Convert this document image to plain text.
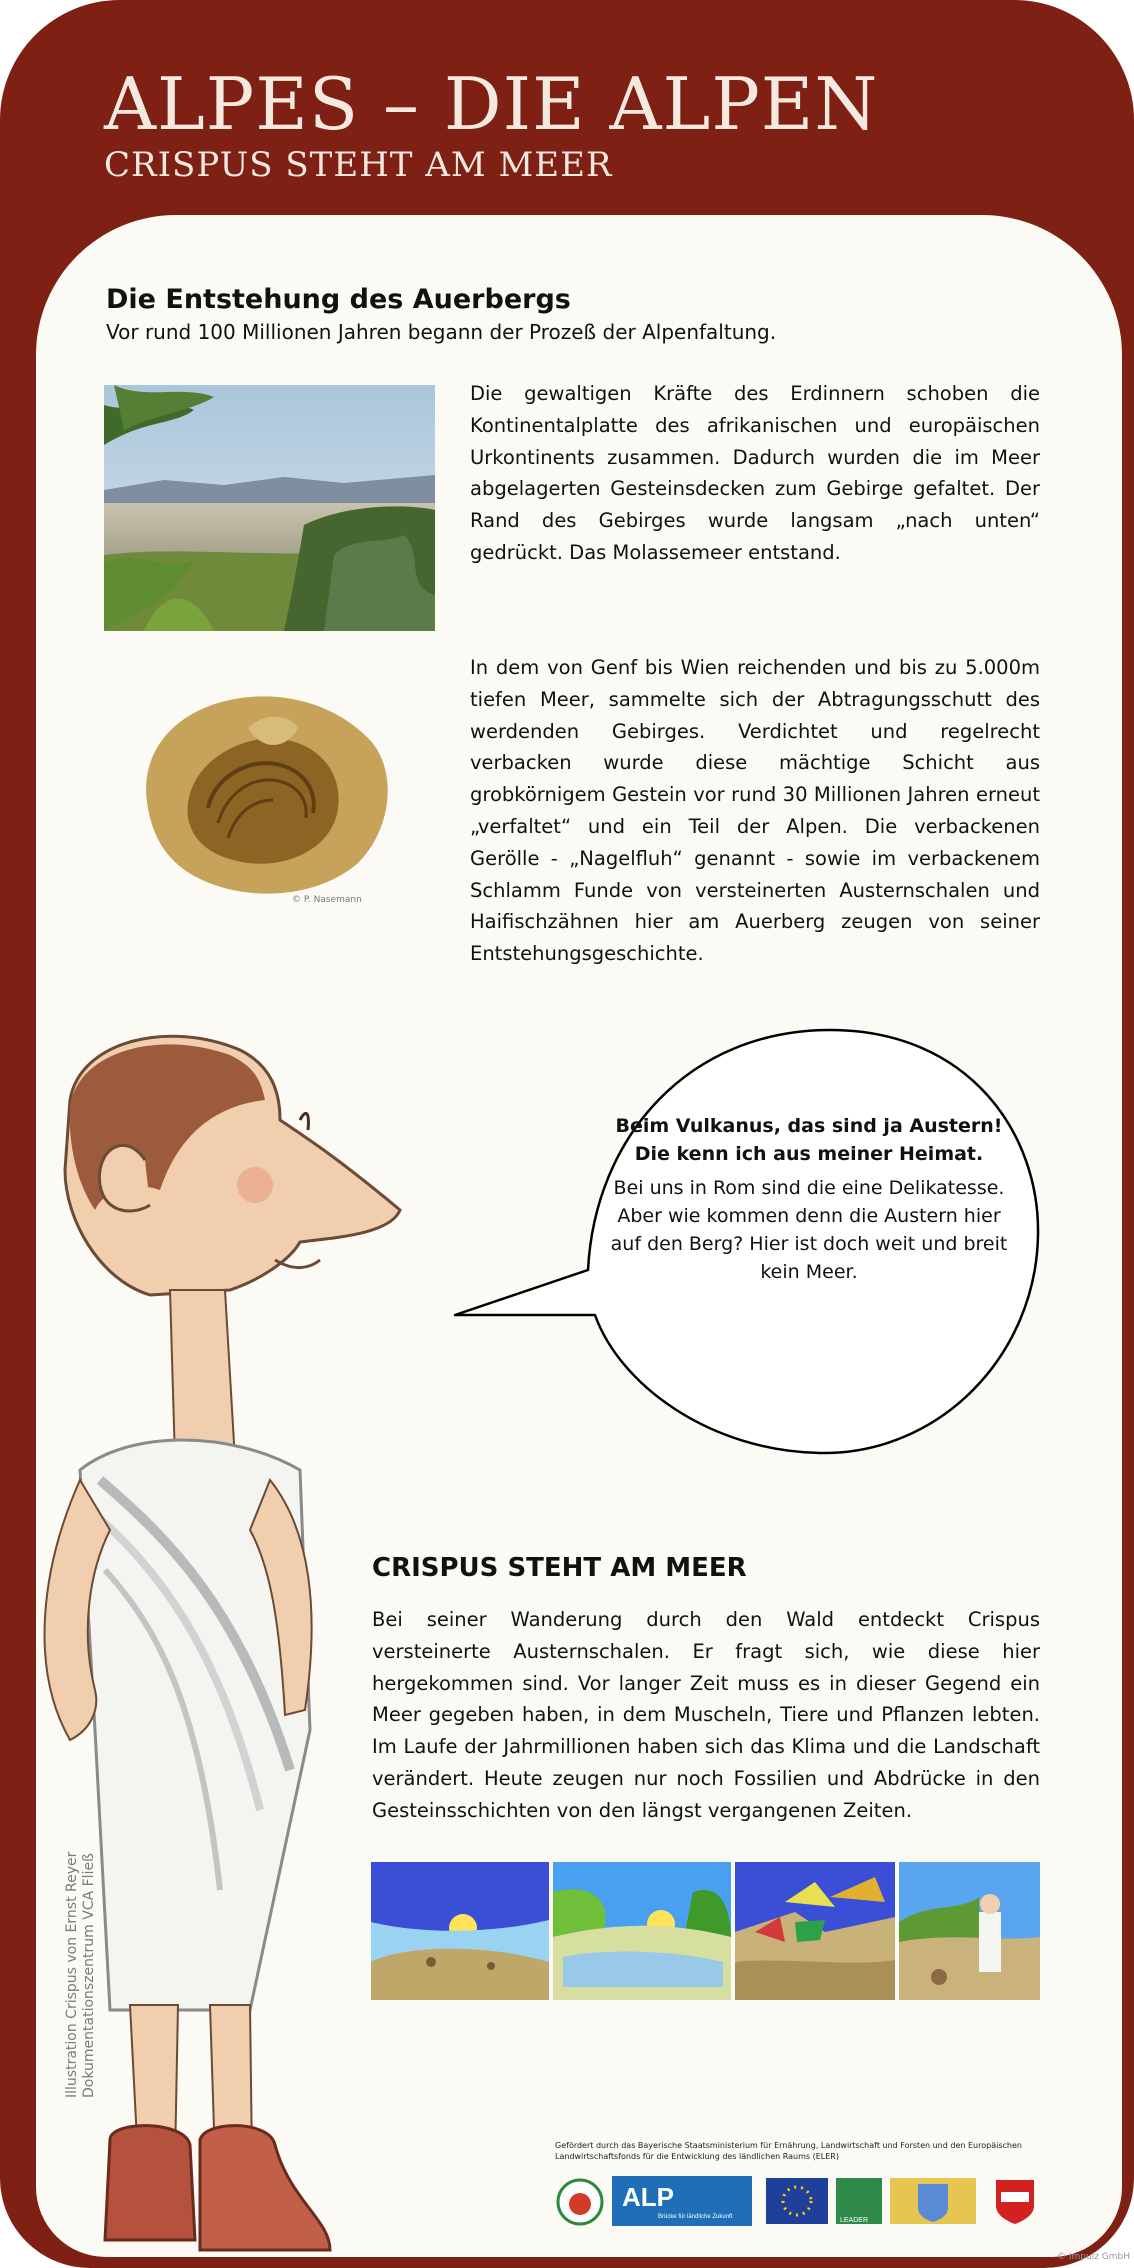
ALPES – DIE ALPEN
CRISPUS STEHT AM MEER
Die Entstehung des Auerbergs
Vor rund 100 Millionen Jahren begann der Prozeß der Alpenfaltung.
Die gewaltigen Kräfte des Erdinnern schoben die Kontinentalplatte des afrikanischen und europäischen Urkontinents zusammen. Dadurch wurden die im Meer abgelagerten Gesteinsdecken zum Gebirge gefaltet. Der Rand des Gebirges wurde langsam „nach unten“ gedrückt. Das Molassemeer entstand.
© P. Nasemann
In dem von Genf bis Wien reichenden und bis zu 5.000m tiefen Meer, sammelte sich der Abtragungsschutt des werdenden Gebirges. Verdichtet und regelrecht verbacken wurde diese mächtige Schicht aus grobkörnigem Gestein vor rund 30 Millionen Jahren erneut „verfaltet“ und ein Teil der Alpen. Die verbackenen Gerölle - „Nagelfluh“ genannt - sowie im verbackenem Schlamm Funde von versteinerten Austernschalen und Haifischzähnen hier am Auerberg zeugen von seiner Entstehungsgeschichte.
Beim Vulkanus, das sind ja Austern!
Die kenn ich aus meiner Heimat.
Bei uns in Rom sind die eine Delikatesse. Aber wie kommen denn die Austern hier auf den Berg? Hier ist doch weit und breit kein Meer.
CRISPUS STEHT AM MEER
Bei seiner Wanderung durch den Wald entdeckt Crispus versteinerte Austernschalen. Er fragt sich, wie diese hier hergekommen sind. Vor langer Zeit muss es in dieser Gegend ein Meer gegeben haben, in dem Muscheln, Tiere und Pflanzen lebten. Im Laufe der Jahrmillionen haben sich das Klima und die Landschaft verändert. Heute zeugen nur noch Fossilien und Abdrücke in den Gesteinsschichten von den längst vergangenen Zeiten.
Illustration Crispus von Ernst Reyer Dokumentationszentrum VCA Fließ
Gefördert durch das Bayerische Staatsministerium für Ernährung, Landwirtschaft und Forsten und den Europäischen Landwirtschaftsfonds für die Entwicklung des ländlichen Raums (ELER)
ALP
Brücke für ländliche Zukunft	LEADER
© Impulz GmbH
